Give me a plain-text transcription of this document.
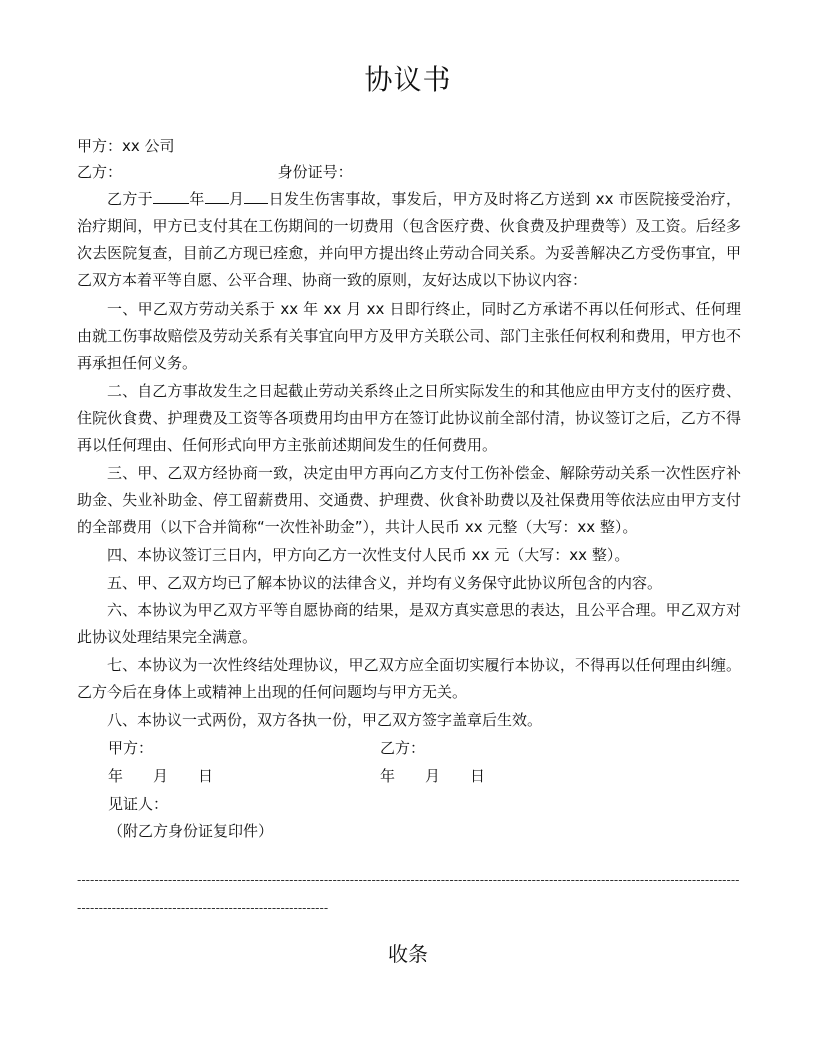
协议书
甲方：xx 公司
乙方：	身份证号：
乙方于 年 月 日发生伤害事故，事发后，甲方及时将乙方送到 xx 市医院接受治疗，治疗期间，甲方已支付其在工伤期间的一切费用（包含医疗费、伙食费及护理费等）及工资。后经多次去医院复查，目前乙方现已痊愈，并向甲方提出终止劳动合同关系。为妥善解决乙方受伤事宜，甲乙双方本着平等自愿、公平合理、协商一致的原则，友好达成以下协议内容：
一、甲乙双方劳动关系于 xx 年 xx 月 xx 日即行终止，同时乙方承诺不再以任何形式、任何理由就工伤事故赔偿及劳动关系有关事宜向甲方及甲方关联公司、部门主张任何权利和费用，甲方也不再承担任何义务。
二、自乙方事故发生之日起截止劳动关系终止之日所实际发生的和其他应由甲方支付的医疗费、住院伙食费、护理费及工资等各项费用均由甲方在签订此协议前全部付清，协议签订之后，乙方不得再以任何理由、任何形式向甲方主张前述期间发生的任何费用。
三、甲、乙双方经协商一致，决定由甲方再向乙方支付工伤补偿金、解除劳动关系一次性医疗补助金、失业补助金、停工留薪费用、交通费、护理费、伙食补助费以及社保费用等依法应由甲方支付的全部费用（以下合并简称“一次性补助金”），共计人民币 xx 元整（大写：xx 整）。
四、本协议签订三日内，甲方向乙方一次性支付人民币 xx 元（大写：xx 整）。
五、甲、乙双方均已了解本协议的法律含义，并均有义务保守此协议所包含的内容。
六、本协议为甲乙双方平等自愿协商的结果，是双方真实意思的表达，且公平合理。甲乙双方对此协议处理结果完全满意。
七、本协议为一次性终结处理协议，甲乙双方应全面切实履行本协议，不得再以任何理由纠缠。乙方今后在身体上或精神上出现的任何问题均与甲方无关。
八、本协议一式两份，双方各执一份，甲乙双方签字盖章后生效。
甲方：	乙方：
年　　月　　日	年　　月　　日
见证人：
（附乙方身份证复印件）
-------------------------------------------------------------------------------------------------------------------------------------------------------------------------------------------------------------------
收条
